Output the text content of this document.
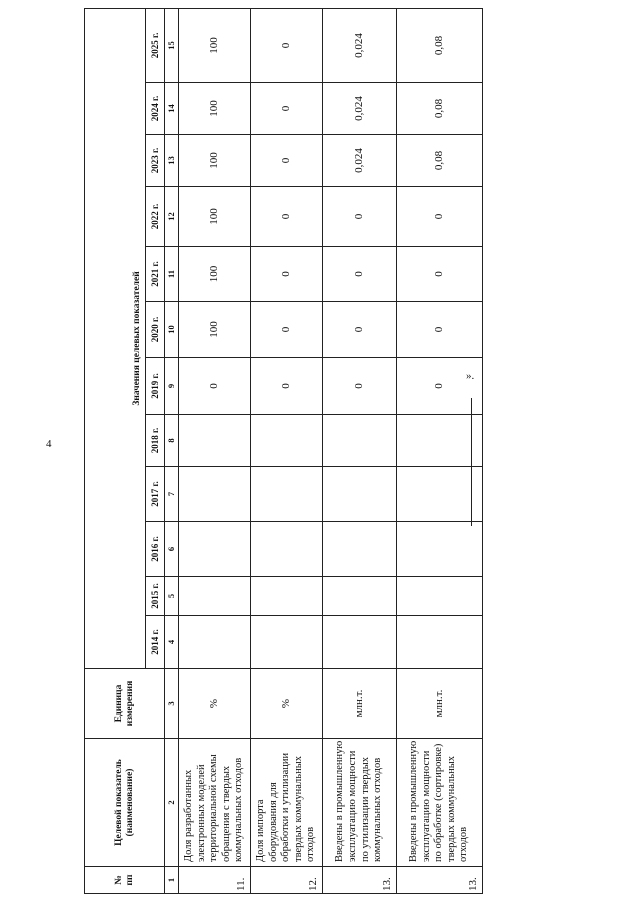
4
».
№
пп	Целевой показатель
(наименование)	Единица
измерения	Значения целевых показателей											
			2014 г.	2015 г.	2016 г.	2017 г.	2018 г.	2019 г.	2020 г.	2021 г.	2022 г.	2023 г.	2024 г.	2025 г.
1	2	3	4	5	6	7	8	9	10	11	12	13	14	15
11.	Доля разработанных электронных моделей территориальной схемы обращения с твердых коммунальных отходов	%						0	100	100	100	100	100	100
12.	Доля импорта оборудования для обработки и утилизации твердых коммунальных отходов	%						0	0	0	0	0	0	0
13.	Введены в промышленную эксплуатацию мощности по утилизации твердых коммунальных отходов	млн.т.						0	0	0	0	0,024	0,024	0,024
13.	Введены в промышленную эксплуатацию мощности по обработке (сортировке) твердых коммунальных отходов	млн.т.						0	0	0	0	0,08	0,08	0,08
